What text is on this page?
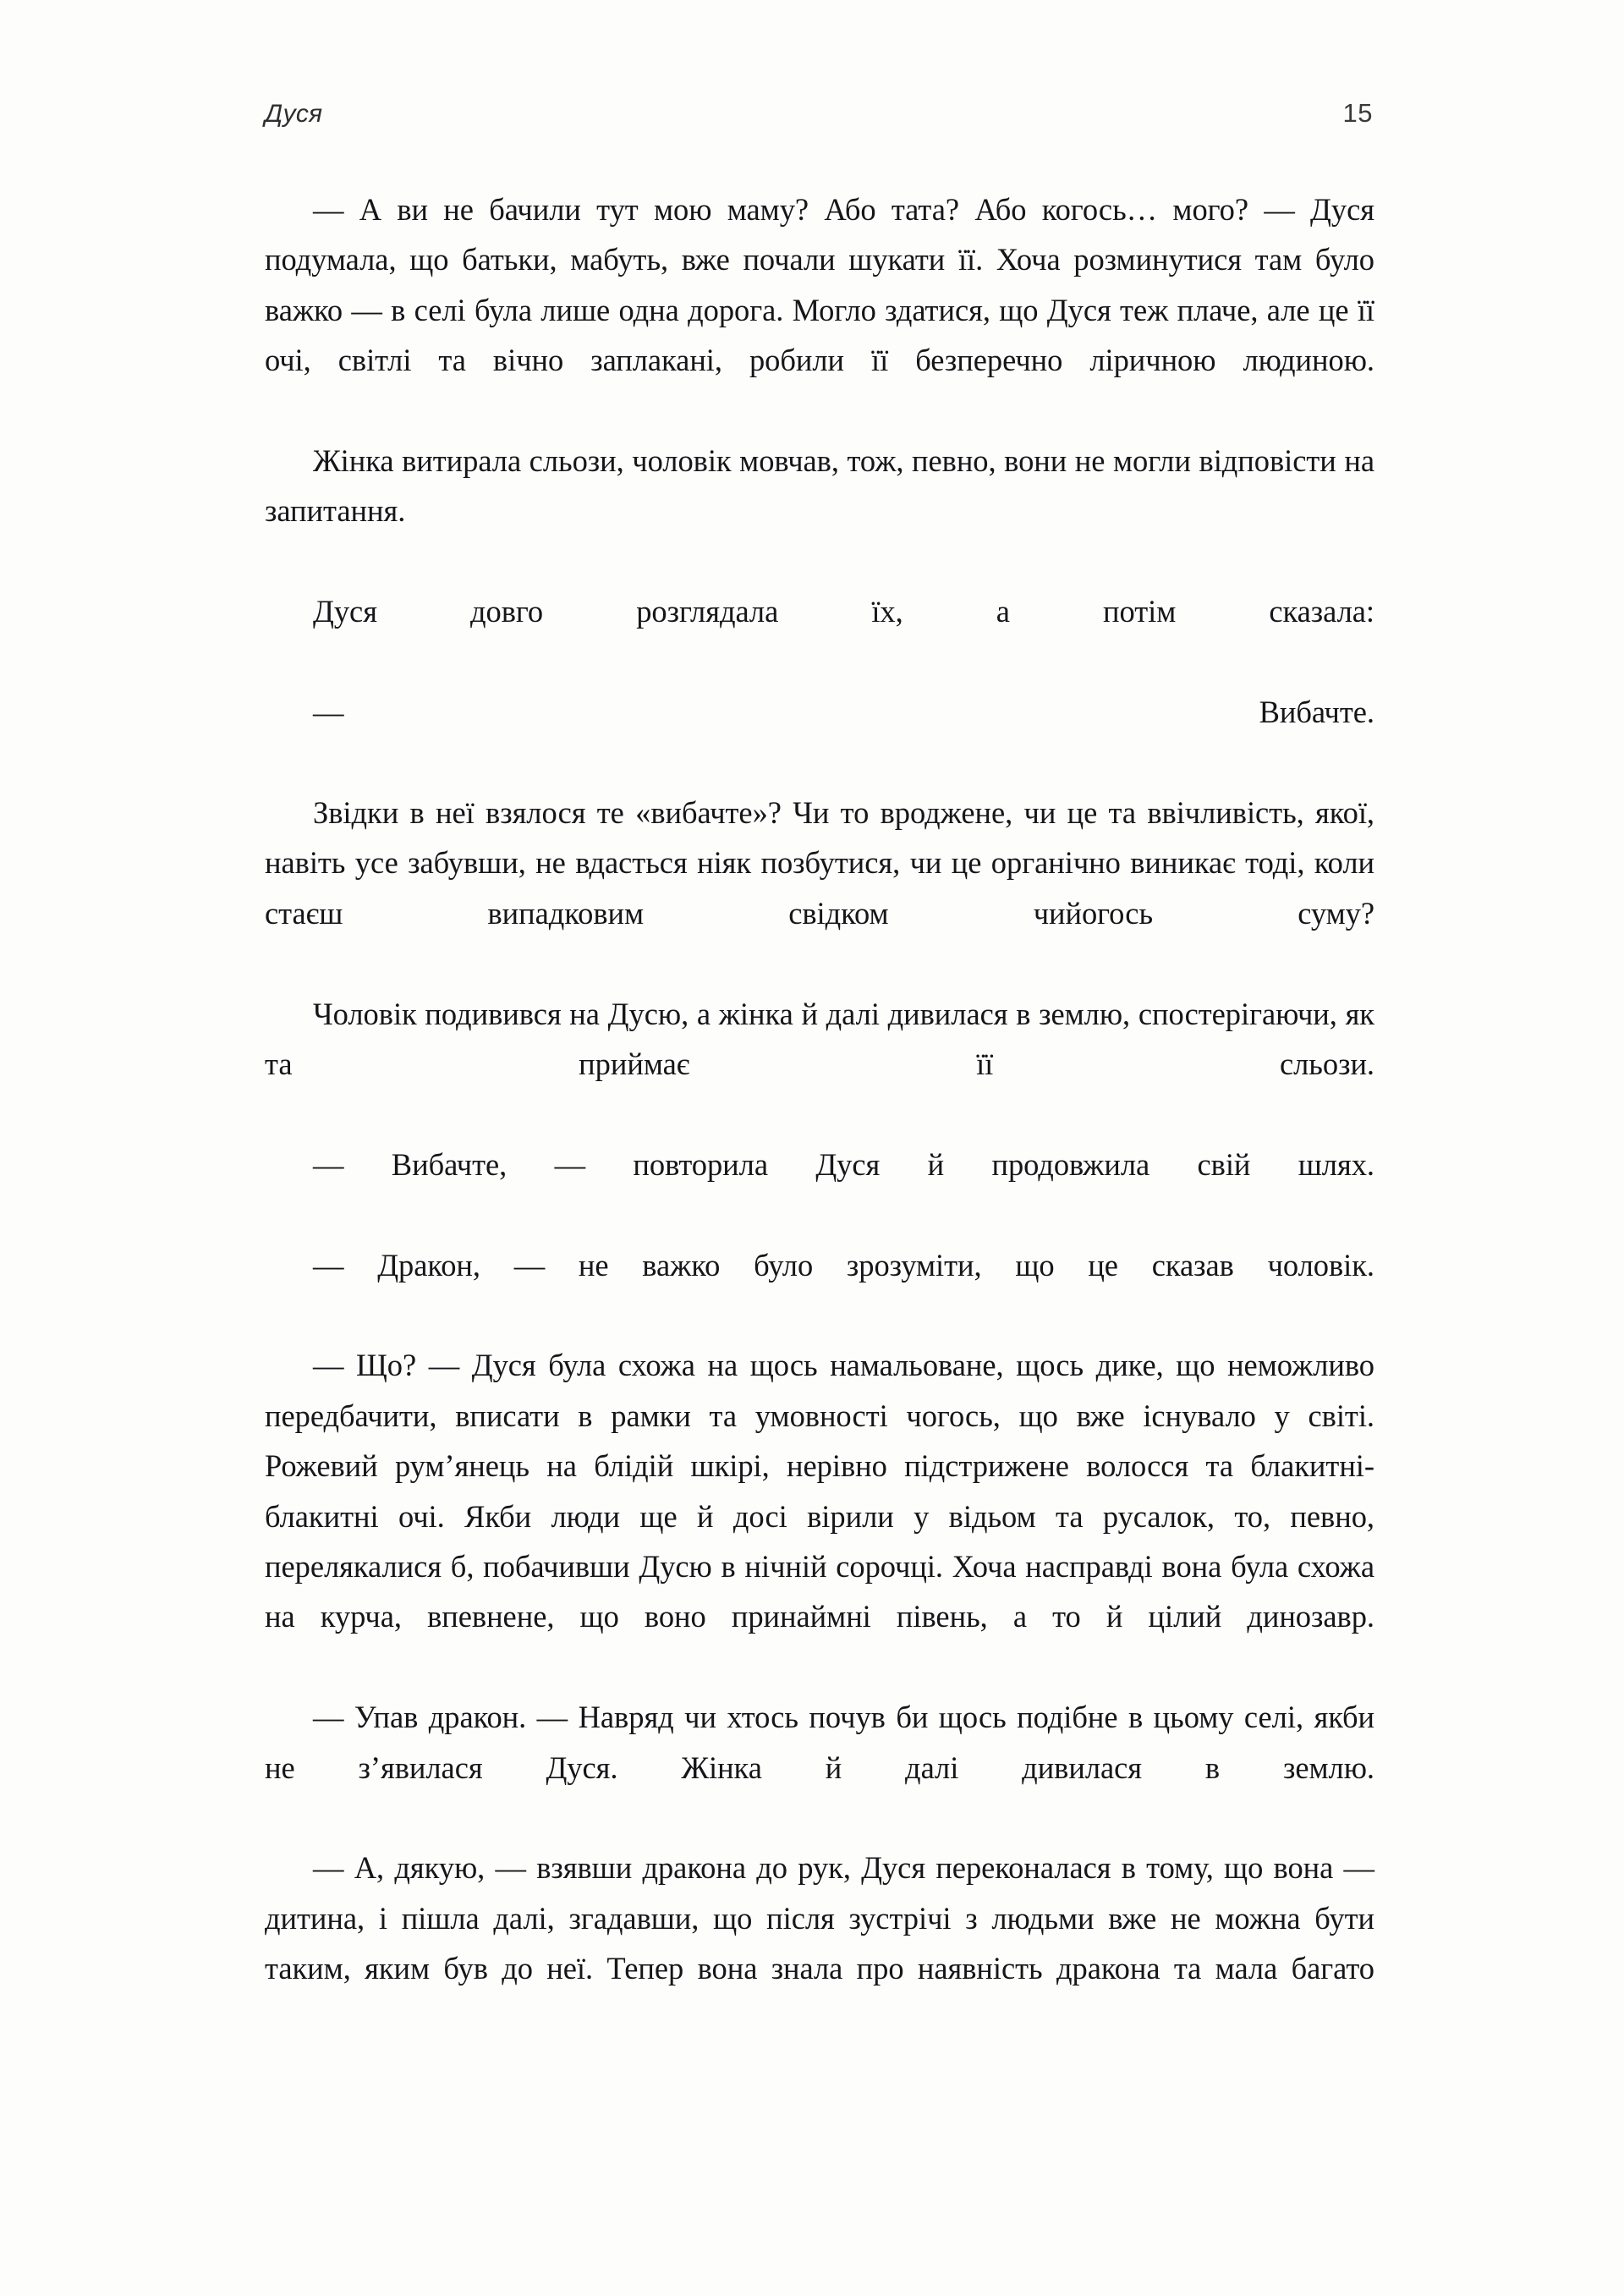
Дуся	15

— А ви не бачили тут мою маму? Або тата? Або когось… мого? — Дуся подумала, що батьки, мабуть, вже почали шукати її. Хоча розминутися там було важко — в селі була лише одна дорога. Могло здатися, що Дуся теж плаче, але це її очі, світлі та вічно заплакані, робили її безперечно ліричною людиною.

Жінка витирала сльози, чоловік мовчав, тож, певно, вони не могли відповісти на запитання.

Дуся довго розглядала їх, а потім сказала:

— Вибачте.

Звідки в неї взялося те «вибачте»? Чи то вроджене, чи це та ввічливість, якої, навіть усе забувши, не вдасться ніяк позбутися, чи це органічно виникає тоді, коли стаєш випадковим свідком чийогось суму?

Чоловік подивився на Дусю, а жінка й далі дивилася в землю, спостерігаючи, як та приймає її сльози.

— Вибачте, — повторила Дуся й продовжила свій шлях.

— Дракон, — не важко було зрозуміти, що це сказав чоловік.

— Що? — Дуся була схожа на щось намальоване, щось дике, що неможливо передбачити, вписати в рамки та умовності чогось, що вже існувало у світі. Рожевий рум’янець на блідій шкірі, нерівно підстрижене волосся та блакитні-блакитні очі. Якби люди ще й досі вірили у відьом та русалок, то, певно, перелякалися б, побачивши Дусю в нічній сорочці. Хоча насправді вона була схожа на курча, впевнене, що воно принаймні півень, а то й цілий динозавр.

— Упав дракон. — Навряд чи хтось почув би щось подібне в цьому селі, якби не з’явилася Дуся. Жінка й далі дивилася в землю.

— А, дякую, — взявши дракона до рук, Дуся переконалася в тому, що вона — дитина, і пішла далі, згадавши, що після зустрічі з людьми вже не можна бути таким, яким був до неї. Тепер вона знала про наявність дракона та мала багато
